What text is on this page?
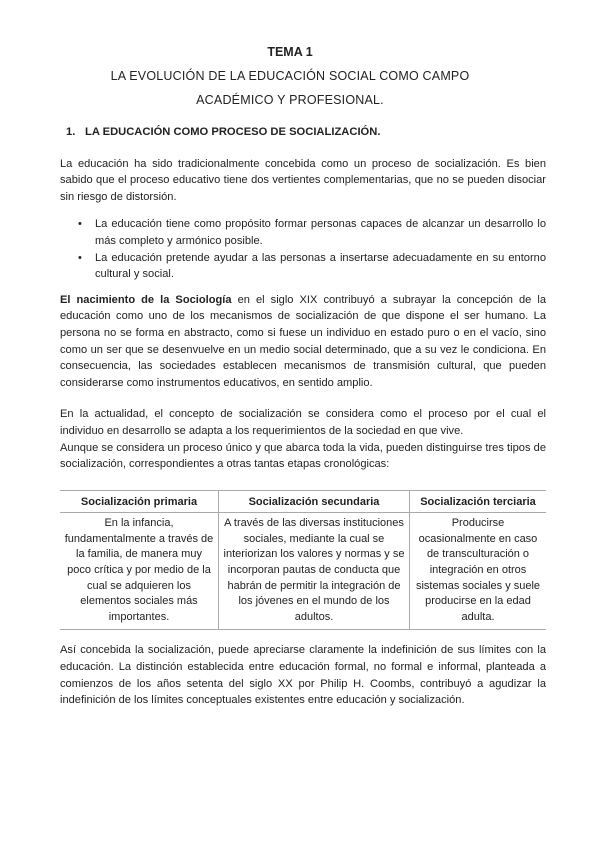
TEMA 1
LA EVOLUCIÓN DE LA EDUCACIÓN SOCIAL COMO CAMPO
ACADÉMICO Y PROFESIONAL.
1. LA EDUCACIÓN COMO PROCESO DE SOCIALIZACIÓN.

La educación ha sido tradicionalmente concebida como un proceso de socialización. Es bien sabido que el proceso educativo tiene dos vertientes complementarias, que no se pueden disociar sin riesgo de distorsión.

• La educación tiene como propósito formar personas capaces de alcanzar un desarrollo lo más completo y armónico posible.
• La educación pretende ayudar a las personas a insertarse adecuadamente en su entorno cultural y social.

El nacimiento de la Sociología en el siglo XIX contribuyó a subrayar la concepción de la educación como uno de los mecanismos de socialización de que dispone el ser humano. La persona no se forma en abstracto, como si fuese un individuo en estado puro o en el vacío, sino como un ser que se desenvuelve en un medio social determinado, que a su vez le condiciona. En consecuencia, las sociedades establecen mecanismos de transmisión cultural, que pueden considerarse como instrumentos educativos, en sentido amplio.

En la actualidad, el concepto de socialización se considera como el proceso por el cual el individuo en desarrollo se adapta a los requerimientos de la sociedad en que vive.

Aunque se considera un proceso único y que abarca toda la vida, pueden distinguirse tres tipos de socialización, correspondientes a otras tantas etapas cronológicas:

Socialización primaria	Socialización secundaria	Socialización terciaria
En la infancia, fundamentalmente a través de la familia, de manera muy poco crítica y por medio de la cual se adquieren los elementos sociales más importantes.	A través de las diversas instituciones sociales, mediante la cual se interiorizan los valores y normas y se incorporan pautas de conducta que habrán de permitir la integración de los jóvenes en el mundo de los adultos.	Producirse ocasionalmente en caso de transculturación o integración en otros sistemas sociales y suele producirse en la edad adulta.

Así concebida la socialización, puede apreciarse claramente la indefinición de sus límites con la educación. La distinción establecida entre educación formal, no formal e informal, planteada a comienzos de los años setenta del siglo XX por Philip H. Coombs, contribuyó a agudizar la indefinición de los límites conceptuales existentes entre educación y socialización.
